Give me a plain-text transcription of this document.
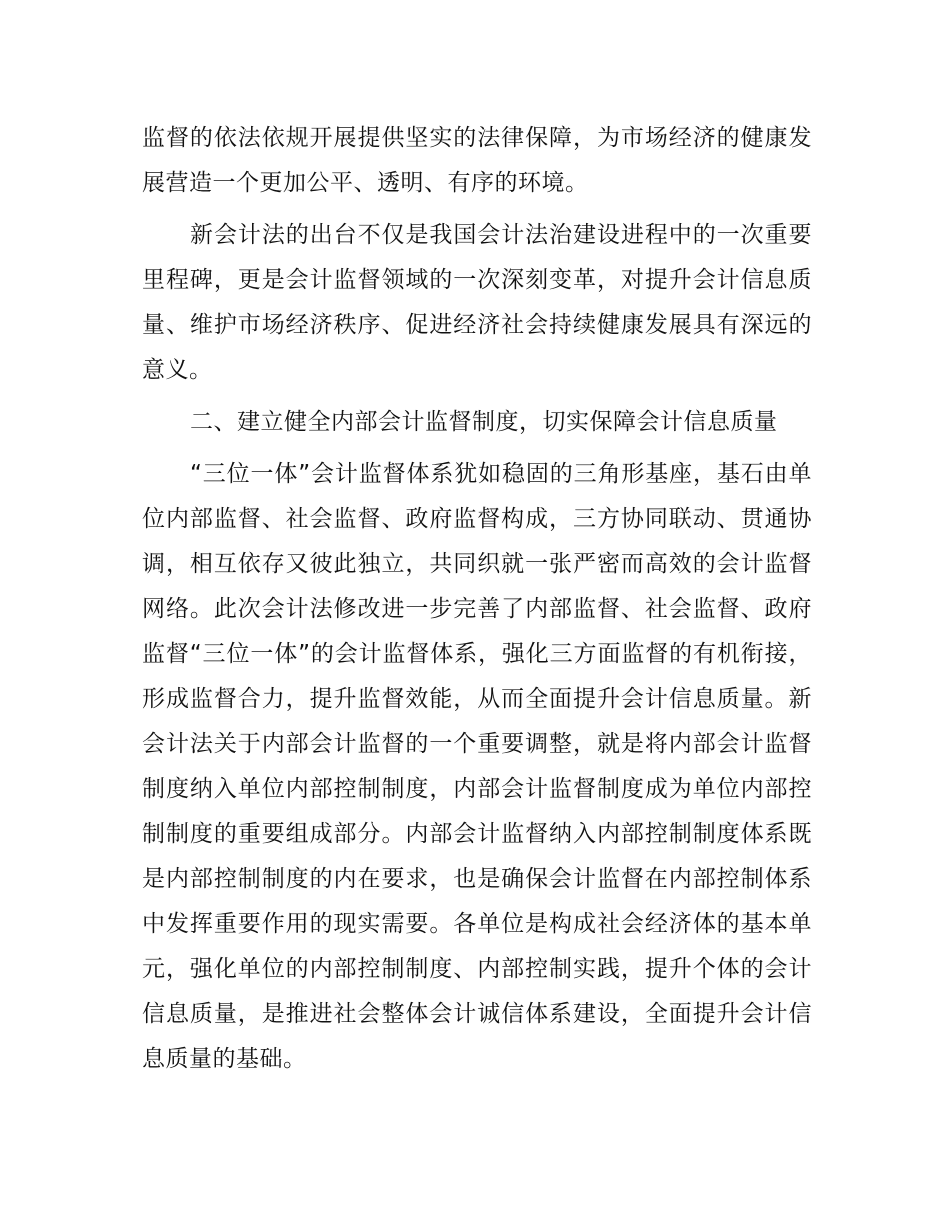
监督的依法依规开展提供坚实的法律保障，为市场经济的健康发展营造一个更加公平、透明、有序的环境。

新会计法的出台不仅是我国会计法治建设进程中的一次重要里程碑，更是会计监督领域的一次深刻变革，对提升会计信息质量、维护市场经济秩序、促进经济社会持续健康发展具有深远的意义。

二、建立健全内部会计监督制度，切实保障会计信息质量

“三位一体”会计监督体系犹如稳固的三角形基座，基石由单位内部监督、社会监督、政府监督构成，三方协同联动、贯通协调，相互依存又彼此独立，共同织就一张严密而高效的会计监督网络。此次会计法修改进一步完善了内部监督、社会监督、政府监督“三位一体”的会计监督体系，强化三方面监督的有机衔接，形成监督合力，提升监督效能，从而全面提升会计信息质量。新会计法关于内部会计监督的一个重要调整，就是将内部会计监督制度纳入单位内部控制制度，内部会计监督制度成为单位内部控制制度的重要组成部分。内部会计监督纳入内部控制制度体系既是内部控制制度的内在要求，也是确保会计监督在内部控制体系中发挥重要作用的现实需要。各单位是构成社会经济体的基本单元，强化单位的内部控制制度、内部控制实践，提升个体的会计信息质量，是推进社会整体会计诚信体系建设，全面提升会计信息质量的基础。
